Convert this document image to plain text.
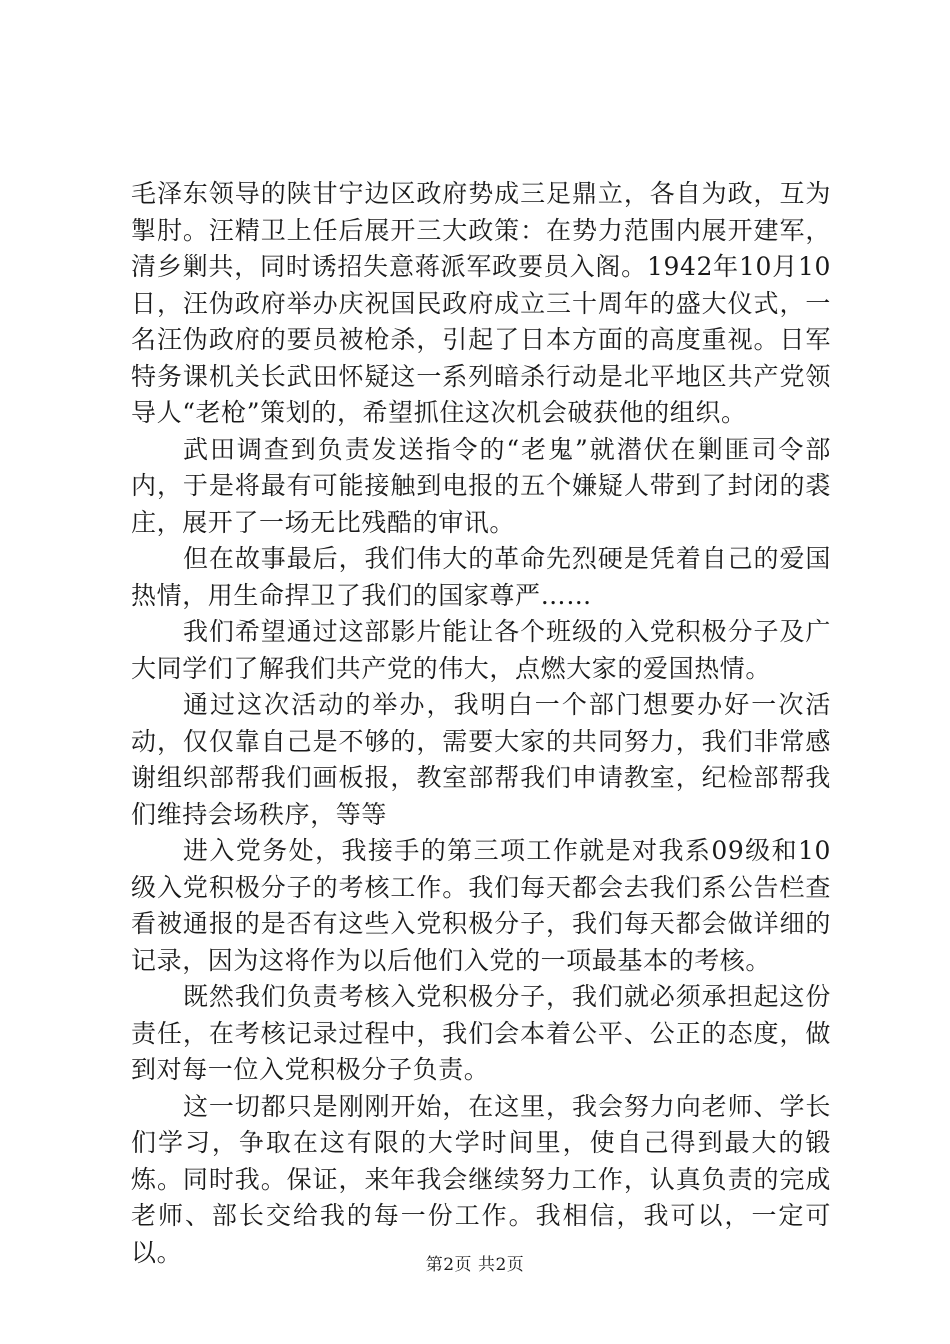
毛泽东领导的陕甘宁边区政府势成三足鼎立，各自为政，互为掣肘。汪精卫上任后展开三大政策：在势力范围内展开建军，清乡剿共，同时诱招失意蒋派军政要员入阁。1942年10月10日，汪伪政府举办庆祝国民政府成立三十周年的盛大仪式，一名汪伪政府的要员被枪杀，引起了日本方面的高度重视。日军特务课机关长武田怀疑这一系列暗杀行动是北平地区共产党领导人“老枪”策划的，希望抓住这次机会破获他的组织。

武田调查到负责发送指令的“老鬼”就潜伏在剿匪司令部内，于是将最有可能接触到电报的五个嫌疑人带到了封闭的裘庄，展开了一场无比残酷的审讯。

但在故事最后，我们伟大的革命先烈硬是凭着自己的爱国热情，用生命捍卫了我们的国家尊严……

我们希望通过这部影片能让各个班级的入党积极分子及广大同学们了解我们共产党的伟大，点燃大家的爱国热情。

通过这次活动的举办，我明白一个部门想要办好一次活动，仅仅靠自己是不够的，需要大家的共同努力，我们非常感谢组织部帮我们画板报，教室部帮我们申请教室，纪检部帮我们维持会场秩序，等等

进入党务处，我接手的第三项工作就是对我系09级和10级入党积极分子的考核工作。我们每天都会去我们系公告栏查看被通报的是否有这些入党积极分子，我们每天都会做详细的记录，因为这将作为以后他们入党的一项最基本的考核。

既然我们负责考核入党积极分子，我们就必须承担起这份责任，在考核记录过程中，我们会本着公平、公正的态度，做到对每一位入党积极分子负责。

这一切都只是刚刚开始，在这里，我会努力向老师、学长们学习，争取在这有限的大学时间里，使自己得到最大的锻炼。同时我。保证，来年我会继续努力工作，认真负责的完成老师、部长交给我的每一份工作。我相信，我可以，一定可以。	第2页 共2页
